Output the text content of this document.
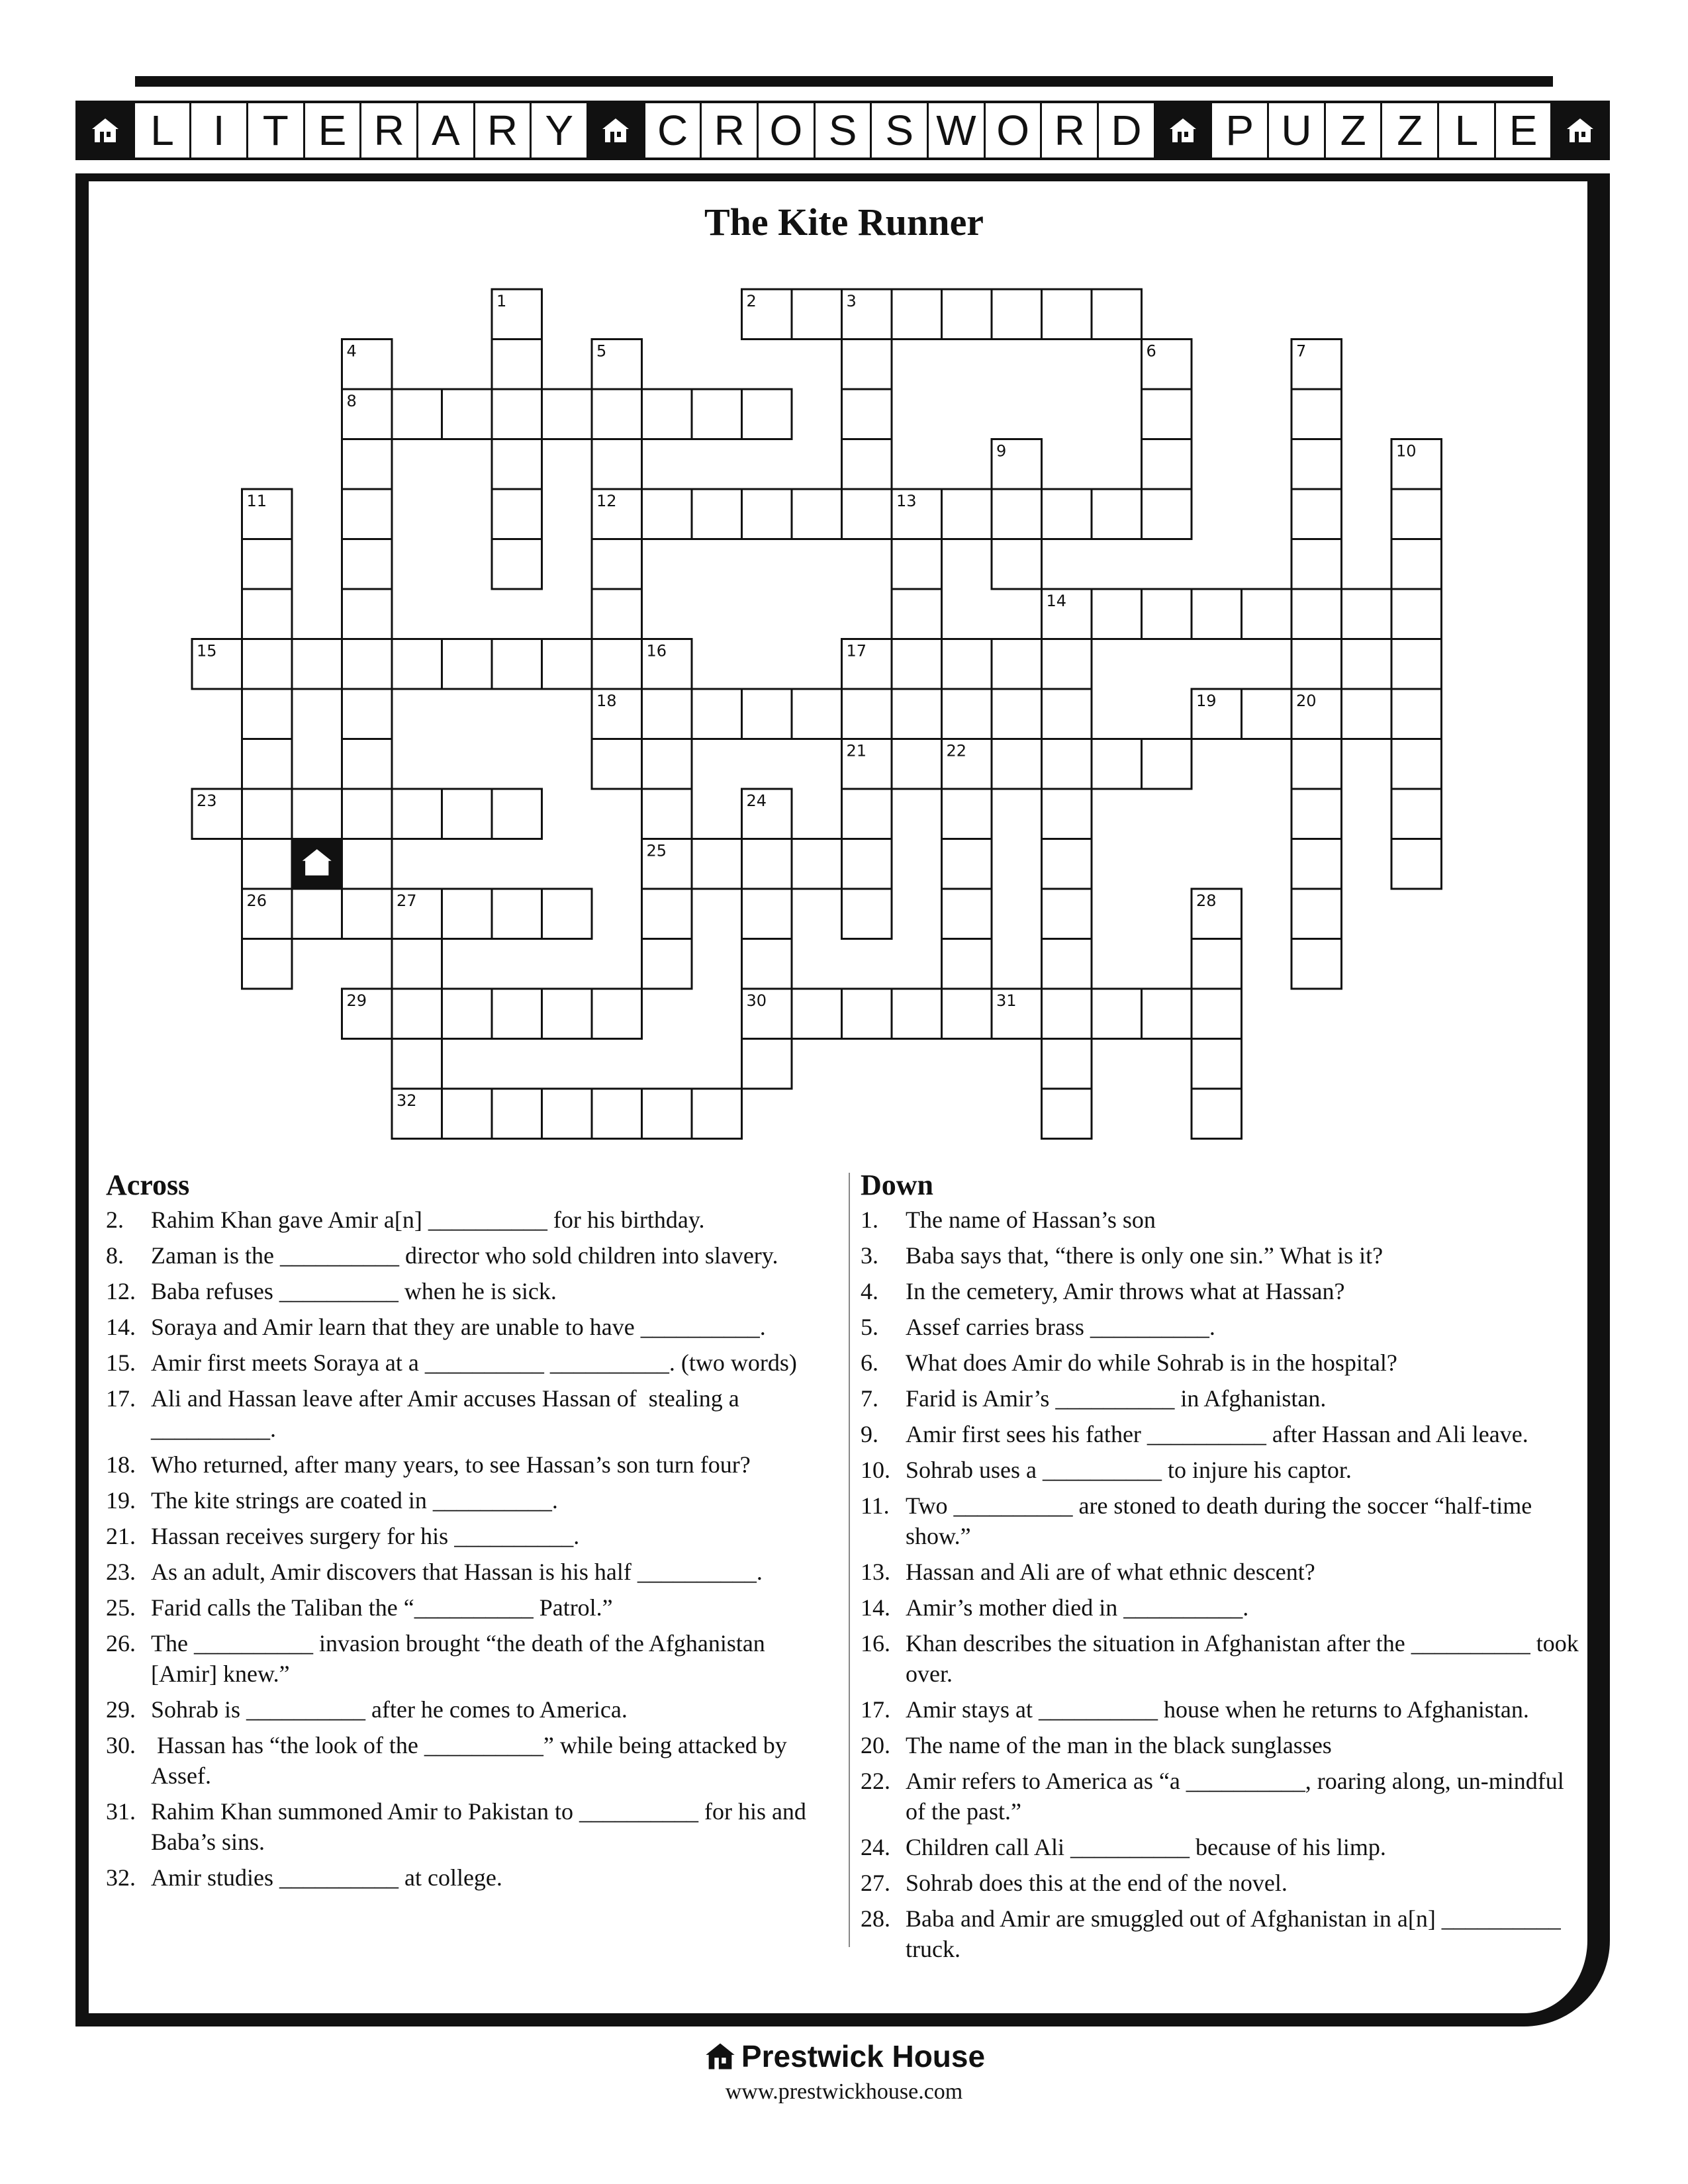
L I T E R A R Y	C R O S S W O R D	P U Z Z L E
The Kite Runner
2
8
12
14
15	17
18	19
21
23
25
26
29	30	31
32
1	3
4	5	6	7
9	10
11	13
16
20
22
24
27	28
Across
2.	Rahim Khan gave Amir a[n] __________ for his birthday.
8.	Zaman is the __________ director who sold children into slavery.
12. Baba refuses __________ when he is sick.
14. Soraya and Amir learn that they are unable to have __________.
15. Amir first meets Soraya at a __________ __________. (two words)
17. Ali and Hassan leave after Amir accuses Hassan of  stealing a __________.
18. Who returned, after many years, to see Hassan’s son turn four?
19. The kite strings are coated in __________.
21. Hassan receives surgery for his __________.
23. As an adult, Amir discovers that Hassan is his half __________.
25. Farid calls the Taliban the “__________ Patrol.”
26. The __________ invasion brought “the death of the Afghanistan [Amir] knew.”
29. Sohrab is __________ after he comes to America.
30. Hassan has “the look of the __________” while being attacked by Assef.
31. Rahim Khan summoned Amir to Pakistan to __________ for his and Baba’s sins.
32. Amir studies __________ at college.
Down
1.	The name of Hassan’s son
3.	Baba says that, “there is only one sin.” What is it?
4.	In the cemetery, Amir throws what at Hassan?
5.	Assef carries brass __________.
6.	What does Amir do while Sohrab is in the hospital?
7.	Farid is Amir’s __________ in Afghanistan.
9.	Amir first sees his father __________ after Hassan and Ali leave.
10. Sohrab uses a __________ to injure his captor.
11. Two __________ are stoned to death during the soccer “half-time show.”
13. Hassan and Ali are of what ethnic descent?
14. Amir’s mother died in __________.
16. Khan describes the situation in Afghanistan after the __________ took over.
17. Amir stays at __________ house when he returns to Afghanistan.
20. The name of the man in the black sunglasses
22. Amir refers to America as “a __________, roaring along, un-mindful of the past.”
24. Children call Ali __________ because of his limp.
27. Sohrab does this at the end of the novel.
28. Baba and Amir are smuggled out of Afghanistan in a[n] __________ truck.
Prestwick House
www.prestwickhouse.com
